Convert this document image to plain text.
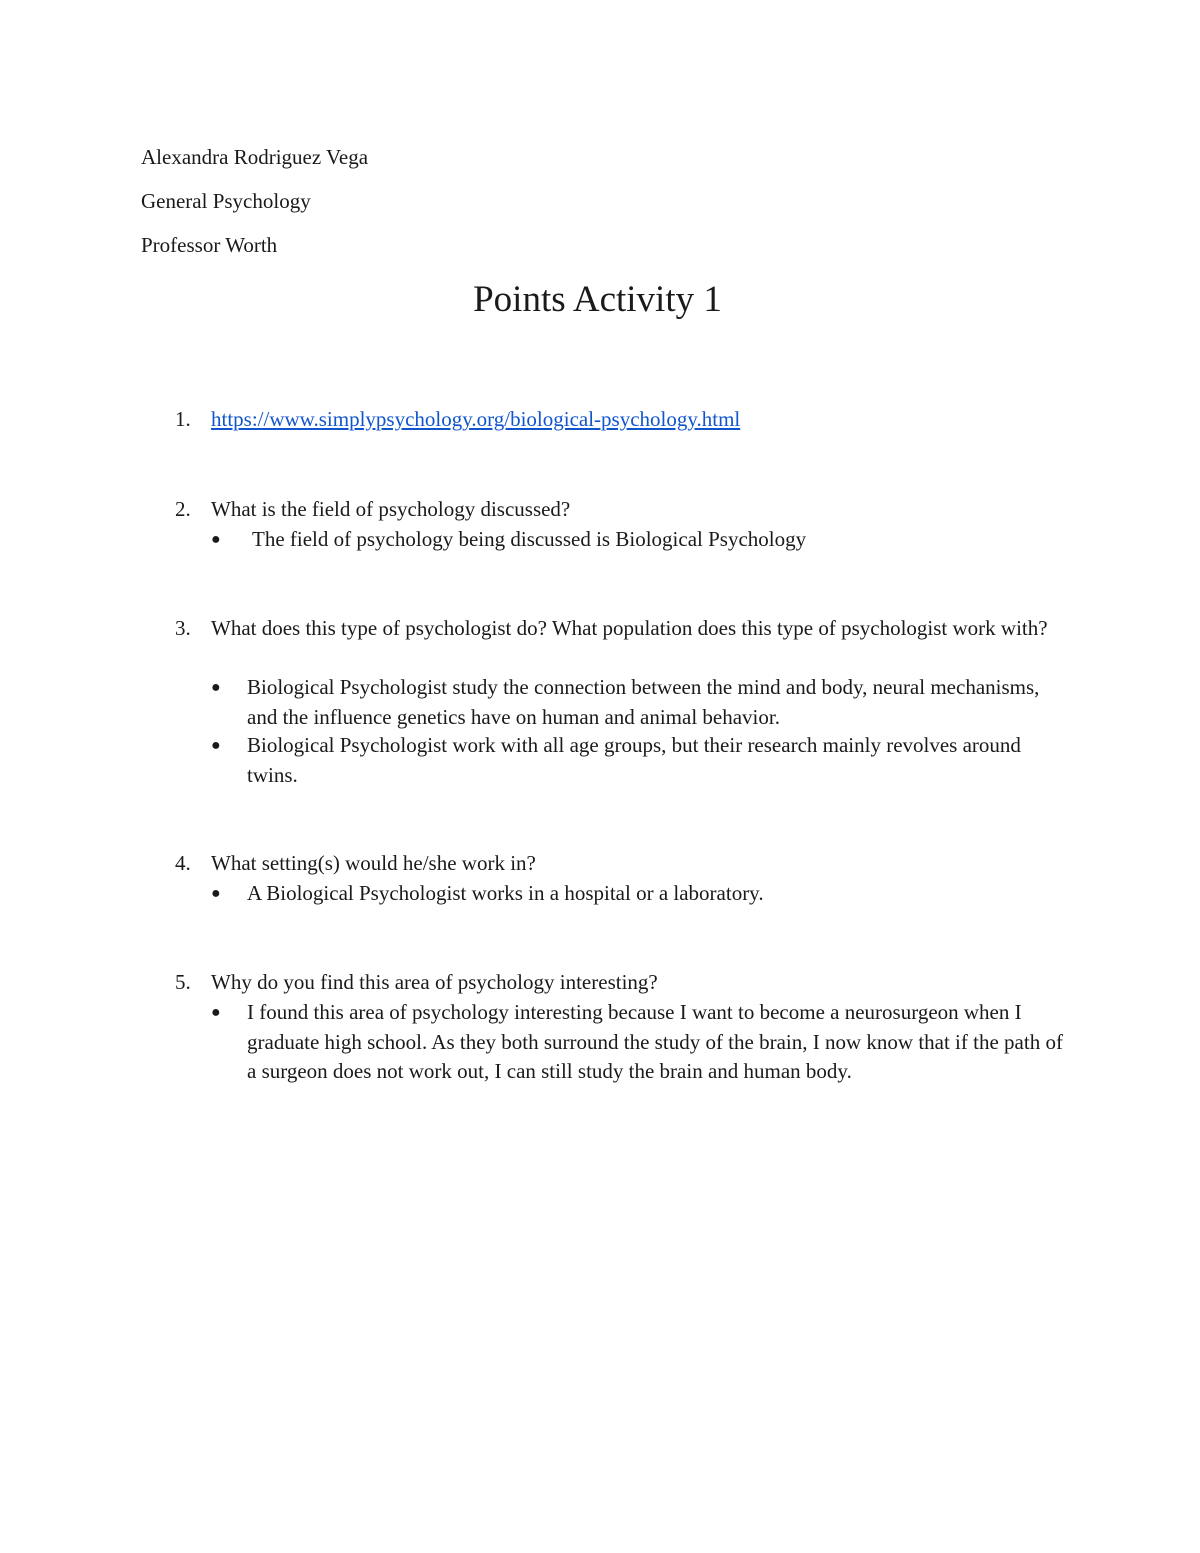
Alexandra Rodriguez Vega

General Psychology

Professor Worth

Points Activity 1
1. https://www.simplypsychology.org/biological-psychology.html
2. What is the field of psychology discussed?
● The field of psychology being discussed is Biological Psychology
3. What does this type of psychologist do? What population does this type of psychologist work with?
● Biological Psychologist study the connection between the mind and body, neural mechanisms, and the influence genetics have on human and animal behavior.
● Biological Psychologist work with all age groups, but their research mainly revolves around twins.
4. What setting(s) would he/she work in?
● A Biological Psychologist works in a hospital or a laboratory.
5. Why do you find this area of psychology interesting?
● I found this area of psychology interesting because I want to become a neurosurgeon when I graduate high school. As they both surround the study of the brain, I now know that if the path of a surgeon does not work out, I can still study the brain and human body.
